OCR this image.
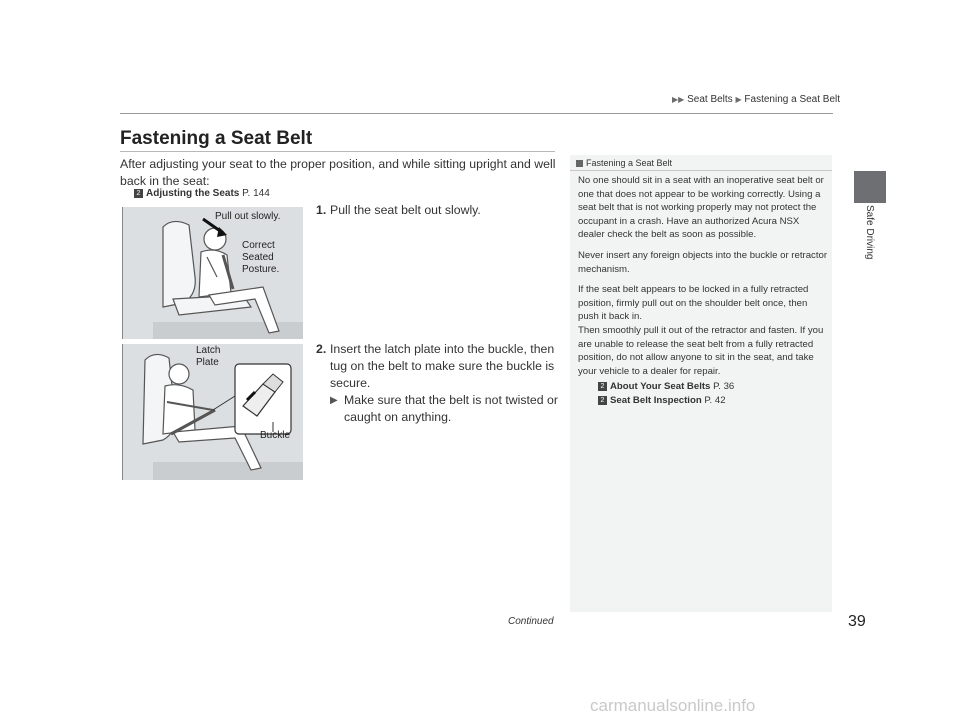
▶▶ Seat Belts ▶ Fastening a Seat Belt
Fastening a Seat Belt
After adjusting your seat to the proper position, and while sitting upright and well back in the seat:
2 Adjusting the Seats P. 144
Pull out slowly.
Correct
Seated
Posture.
Latch
Plate
Buckle
1. Pull the seat belt out slowly.
2. Insert the latch plate into the buckle, then tug on the belt to make sure the buckle is secure.
▶ Make sure that the belt is not twisted or caught on anything.
Fastening a Seat Belt

No one should sit in a seat with an inoperative seat belt or one that does not appear to be working correctly. Using a seat belt that is not working properly may not protect the occupant in a crash. Have an authorized Acura NSX dealer check the belt as soon as possible.

Never insert any foreign objects into the buckle or retractor mechanism.

If the seat belt appears to be locked in a fully retracted position, firmly pull out on the shoulder belt once, then push it back in.
Then smoothly pull it out of the retractor and fasten. If you are unable to release the seat belt from a fully retracted position, do not allow anyone to sit in the seat, and take your vehicle to a dealer for repair.

2 About Your Seat Belts P. 36
2 Seat Belt Inspection P. 42
Safe Driving
Continued	39
carmanualsonline.info
